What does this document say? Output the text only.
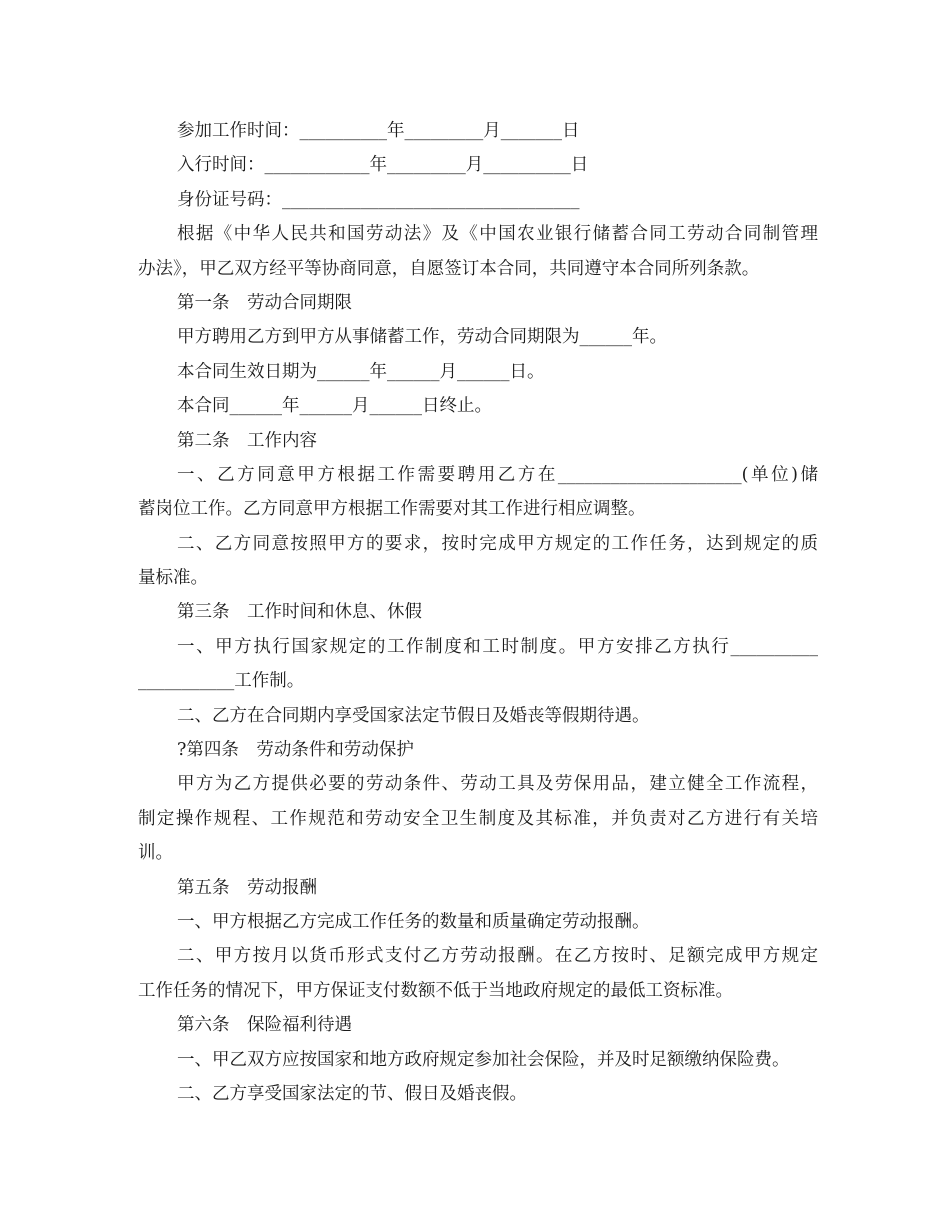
参加工作时间：__________年_________月_______日
入行时间：____________年_________月__________日
身份证号码：__________________________________
根据《中华人民共和国劳动法》及《中国农业银行储蓄合同工劳动合同制管理
办法》，甲乙双方经平等协商同意，自愿签订本合同，共同遵守本合同所列条款。
第一条　劳动合同期限
甲方聘用乙方到甲方从事储蓄工作，劳动合同期限为______年。
本合同生效日期为______年______月______日。
本合同______年______月______日终止。
第二条　工作内容
一、乙方同意甲方根据工作需要聘用乙方在_____________________(单位)储
蓄岗位工作。乙方同意甲方根据工作需要对其工作进行相应调整。
二、乙方同意按照甲方的要求，按时完成甲方规定的工作任务，达到规定的质
量标准。
第三条　工作时间和休息、休假
一、甲方执行国家规定的工作制度和工时制度。甲方安排乙方执行__________
___________工作制。
二、乙方在合同期内享受国家法定节假日及婚丧等假期待遇。
?第四条　劳动条件和劳动保护
甲方为乙方提供必要的劳动条件、劳动工具及劳保用品，建立健全工作流程，
制定操作规程、工作规范和劳动安全卫生制度及其标准，并负责对乙方进行有关培
训。
第五条　劳动报酬
一、甲方根据乙方完成工作任务的数量和质量确定劳动报酬。
二、甲方按月以货币形式支付乙方劳动报酬。在乙方按时、足额完成甲方规定
工作任务的情况下，甲方保证支付数额不低于当地政府规定的最低工资标准。
第六条　保险福利待遇
一、甲乙双方应按国家和地方政府规定参加社会保险，并及时足额缴纳保险费。
二、乙方享受国家法定的节、假日及婚丧假。
